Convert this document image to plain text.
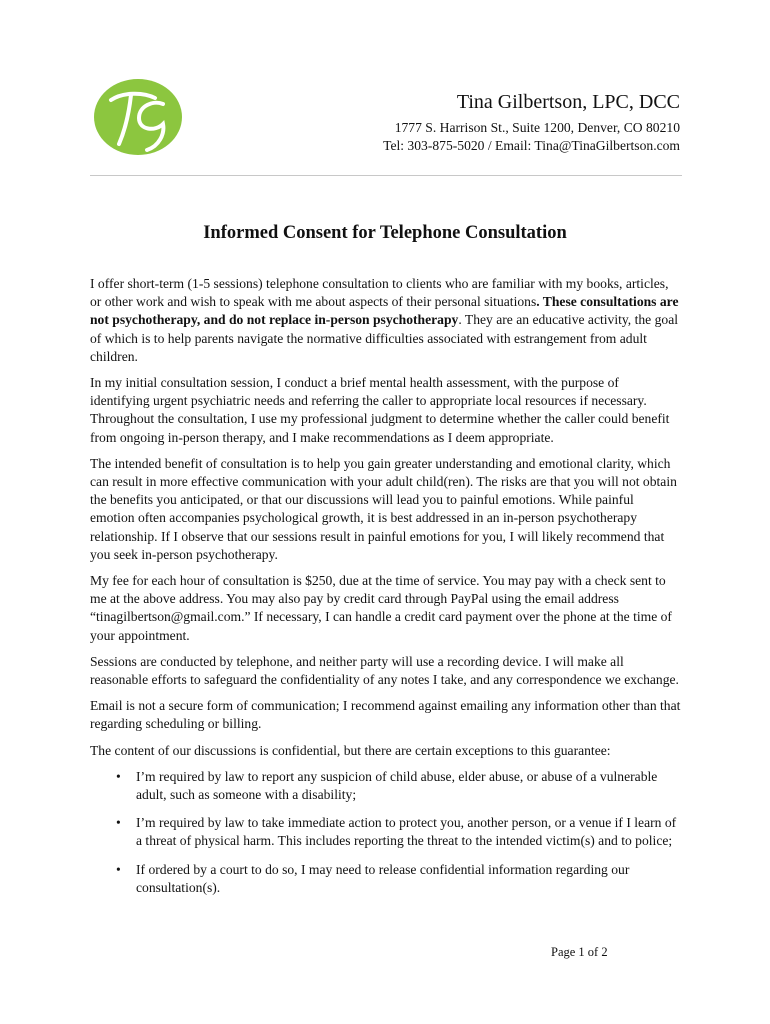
Tina Gilbertson, LPC, DCC
1777 S. Harrison St., Suite 1200, Denver, CO 80210
Tel: 303-875-5020 / Email: Tina@TinaGilbertson.com
Informed Consent for Telephone Consultation

I offer short-term (1-5 sessions) telephone consultation to clients who are familiar with my books, articles, or other work and wish to speak with me about aspects of their personal situations. These consultations are not psychotherapy, and do not replace in-person psychotherapy. They are an educative activity, the goal of which is to help parents navigate the normative difficulties associated with estrangement from adult children.

In my initial consultation session, I conduct a brief mental health assessment, with the purpose of identifying urgent psychiatric needs and referring the caller to appropriate local resources if necessary. Throughout the consultation, I use my professional judgment to determine whether the caller could benefit from ongoing in-person therapy, and I make recommendations as I deem appropriate.

The intended benefit of consultation is to help you gain greater understanding and emotional clarity, which can result in more effective communication with your adult child(ren). The risks are that you will not obtain the benefits you anticipated, or that our discussions will lead you to painful emotions. While painful emotion often accompanies psychological growth, it is best addressed in an in-person psychotherapy relationship. If I observe that our sessions result in painful emotions for you, I will likely recommend that you seek in-person psychotherapy.

My fee for each hour of consultation is $250, due at the time of service. You may pay with a check sent to me at the above address. You may also pay by credit card through PayPal using the email address “tinagilbertson@gmail.com.” If necessary, I can handle a credit card payment over the phone at the time of your appointment.

Sessions are conducted by telephone, and neither party will use a recording device. I will make all reasonable efforts to safeguard the confidentiality of any notes I take, and any correspondence we exchange.

Email is not a secure form of communication; I recommend against emailing any information other than that regarding scheduling or billing.

The content of our discussions is confidential, but there are certain exceptions to this guarantee:

• I’m required by law to report any suspicion of child abuse, elder abuse, or abuse of a vulnerable adult, such as someone with a disability;
• I’m required by law to take immediate action to protect you, another person, or a venue if I learn of a threat of physical harm. This includes reporting the threat to the intended victim(s) and to police;
• If ordered by a court to do so, I may need to release confidential information regarding our consultation(s).
Page 1 of 2
